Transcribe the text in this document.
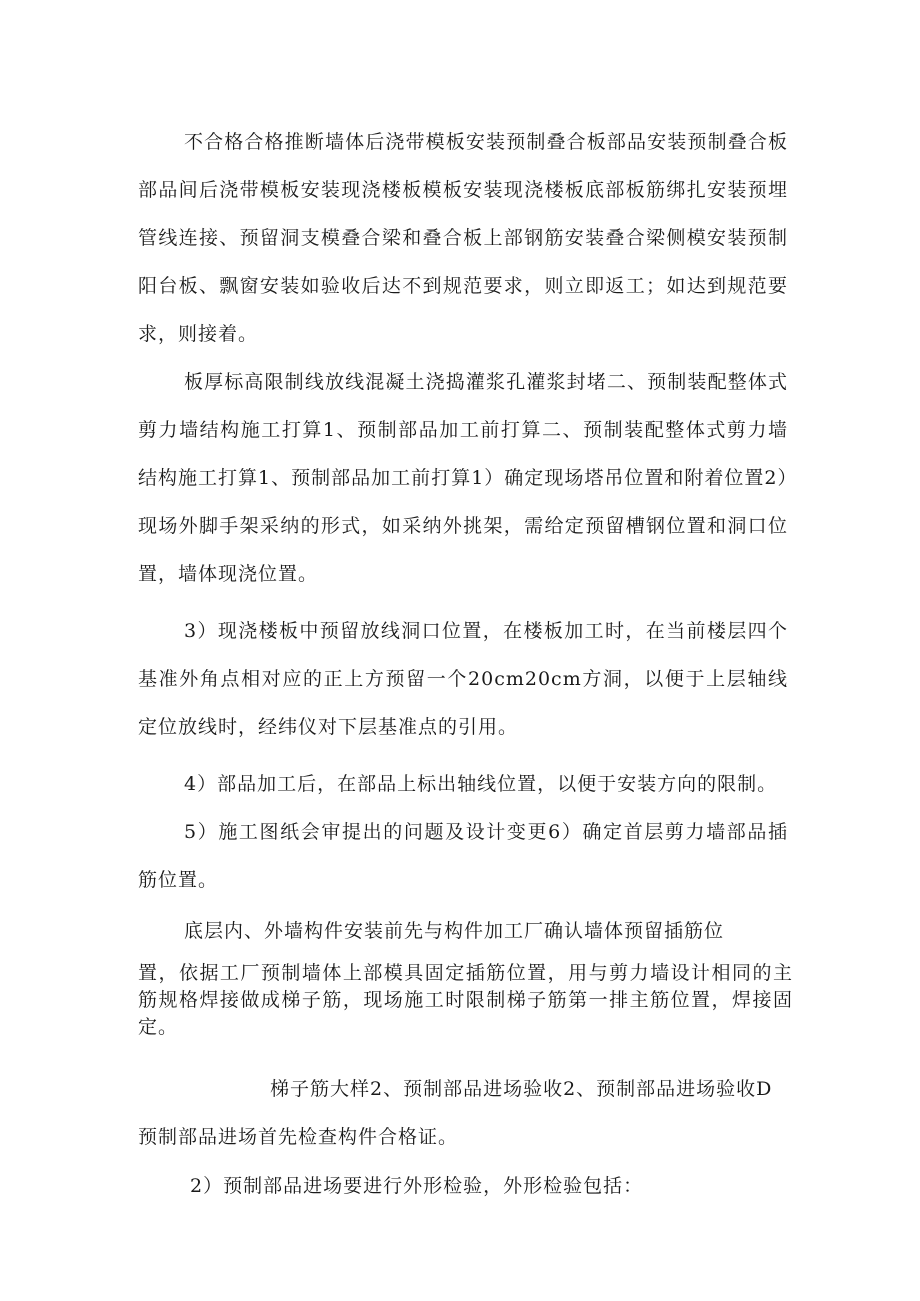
不合格合格推断墙体后浇带模板安装预制叠合板部品安装预制叠合板部品间后浇带模板安装现浇楼板模板安装现浇楼板底部板筋绑扎安装预埋管线连接、预留洞支模叠合梁和叠合板上部钢筋安装叠合梁侧模安装预制阳台板、飘窗安装如验收后达不到规范要求，则立即返工；如达到规范要求，则接着。

板厚标高限制线放线混凝土浇捣灌浆孔灌浆封堵二、预制装配整体式剪力墙结构施工打算1、预制部品加工前打算二、预制装配整体式剪力墙结构施工打算1、预制部品加工前打算1）确定现场塔吊位置和附着位置2）现场外脚手架采纳的形式，如采纳外挑架，需给定预留槽钢位置和洞口位置，墙体现浇位置。

3）现浇楼板中预留放线洞口位置，在楼板加工时，在当前楼层四个基准外角点相对应的正上方预留一个20cm20cm方洞，以便于上层轴线定位放线时，经纬仪对下层基准点的引用。

4）部品加工后，在部品上标出轴线位置，以便于安装方向的限制。

5）施工图纸会审提出的问题及设计变更6）确定首层剪力墙部品插筋位置。

底层内、外墙构件安装前先与构件加工厂确认墙体预留插筋位

置，依据工厂预制墙体上部模具固定插筋位置，用与剪力墙设计相同的主筋规格焊接做成梯子筋，现场施工时限制梯子筋第一排主筋位置，焊接固定。

梯子筋大样2、预制部品进场验收2、预制部品进场验收D
预制部品进场首先检查构件合格证。

2）预制部品进场要进行外形检验，外形检验包括：
